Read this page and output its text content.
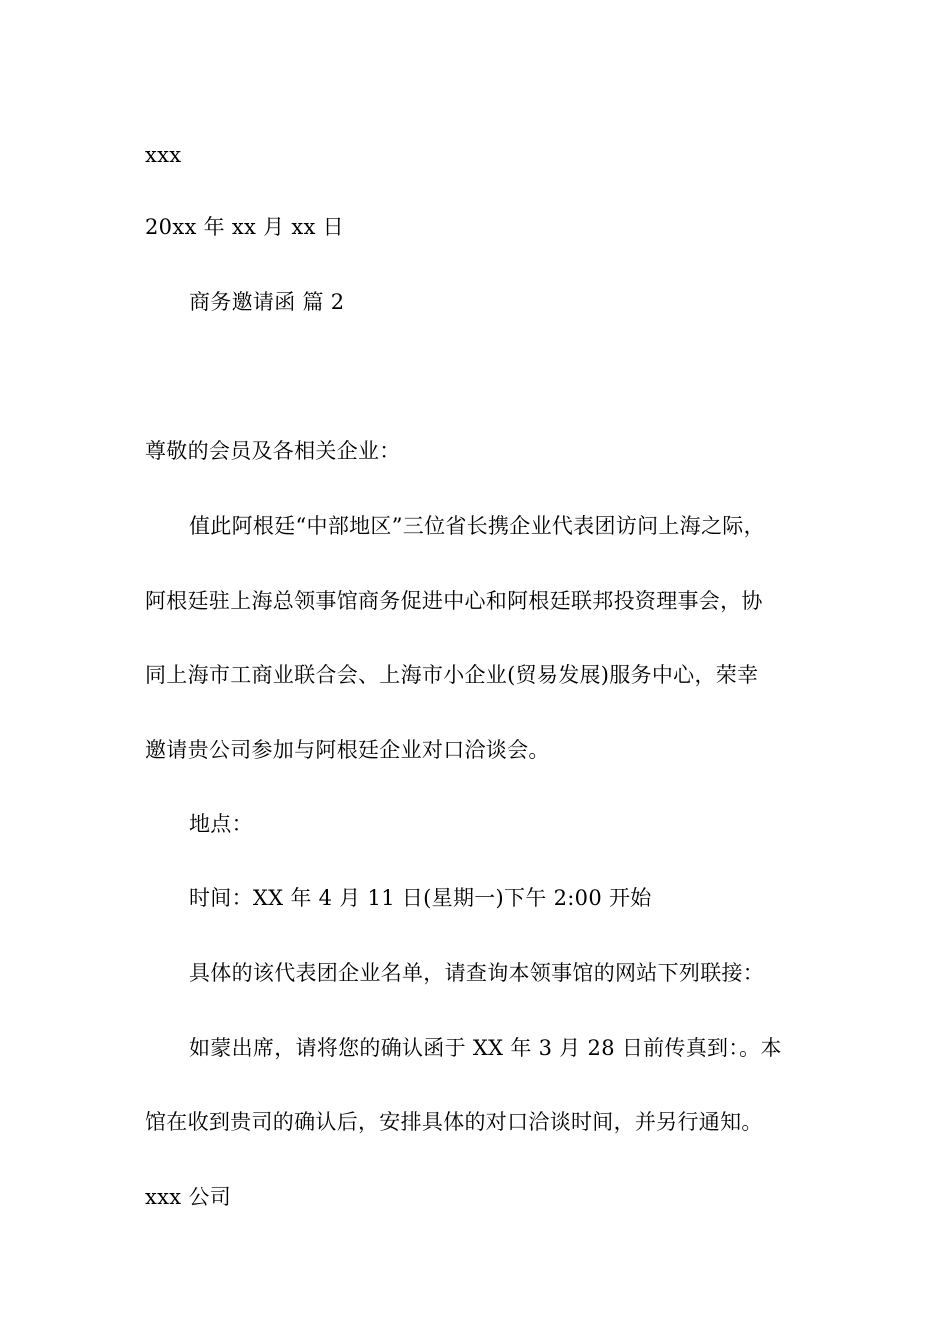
xxx
20xx 年 xx 月 xx 日
商务邀请函 篇 2
尊敬的会员及各相关企业：
值此阿根廷“中部地区”三位省长携企业代表团访问上海之际，
阿根廷驻上海总领事馆商务促进中心和阿根廷联邦投资理事会，协
同上海市工商业联合会、上海市小企业(贸易发展)服务中心，荣幸
邀请贵公司参加与阿根廷企业对口洽谈会。
地点：
时间：XX 年 4 月 11 日(星期一)下午 2:00 开始
具体的该代表团企业名单，请查询本领事馆的网站下列联接：
如蒙出席，请将您的确认函于 XX 年 3 月 28 日前传真到：。本
馆在收到贵司的确认后，安排具体的对口洽谈时间，并另行通知。
xxx 公司
